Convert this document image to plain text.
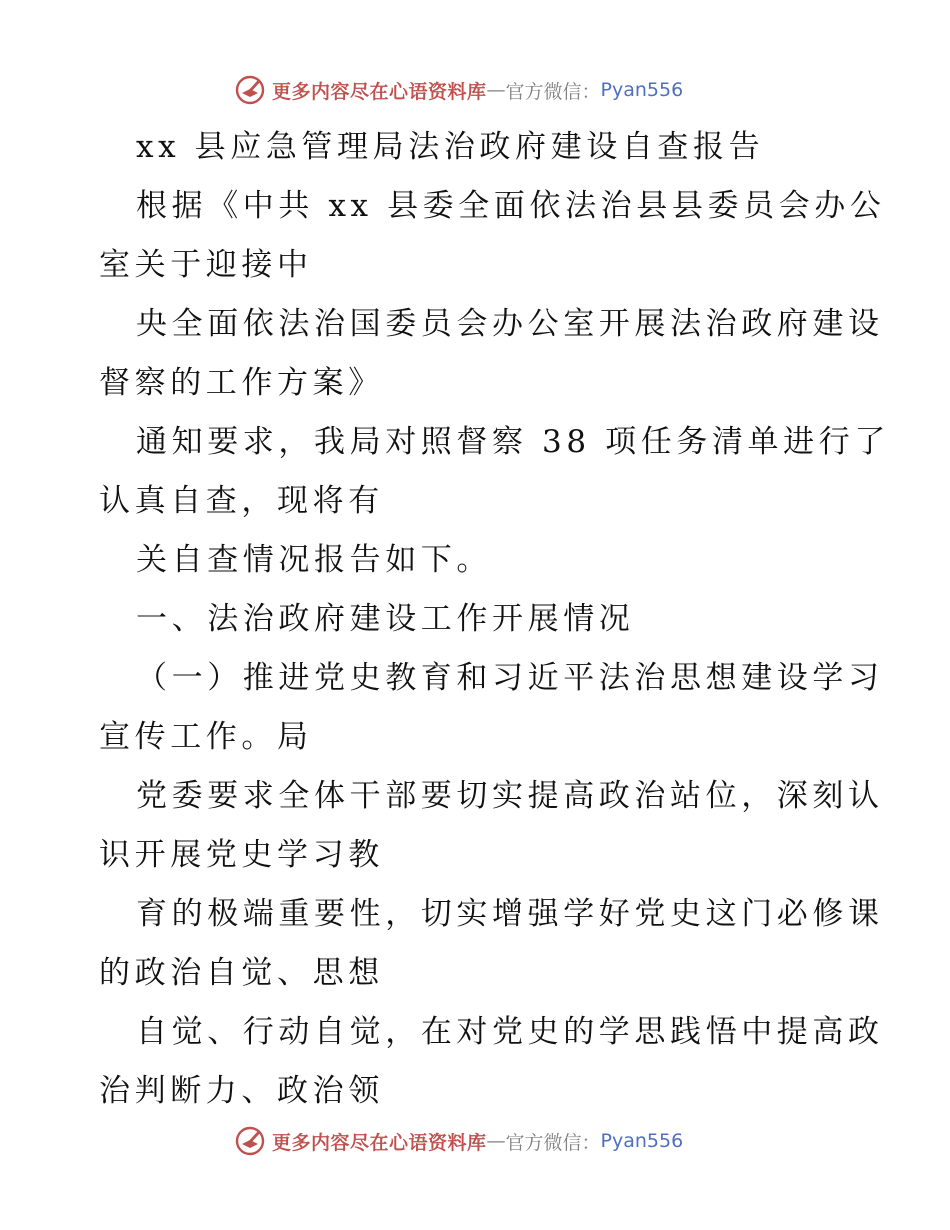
更多内容尽在心语资料库 — 官方微信： Pyan556
xx 县应急管理局法治政府建设自查报告
根据《中共 xx 县委全面依法治县县委员会办公
室关于迎接中
央全面依法治国委员会办公室开展法治政府建设
督察的工作方案》
通知要求，我局对照督察 38 项任务清单进行了
认真自查，现将有
关自查情况报告如下。
一、法治政府建设工作开展情况
（一）推进党史教育和习近平法治思想建设学习
宣传工作。局
党委要求全体干部要切实提高政治站位，深刻认
识开展党史学习教
育的极端重要性，切实增强学好党史这门必修课
的政治自觉、思想
自觉、行动自觉，在对党史的学思践悟中提高政
治判断力、政治领
更多内容尽在心语资料库 — 官方微信： Pyan556
